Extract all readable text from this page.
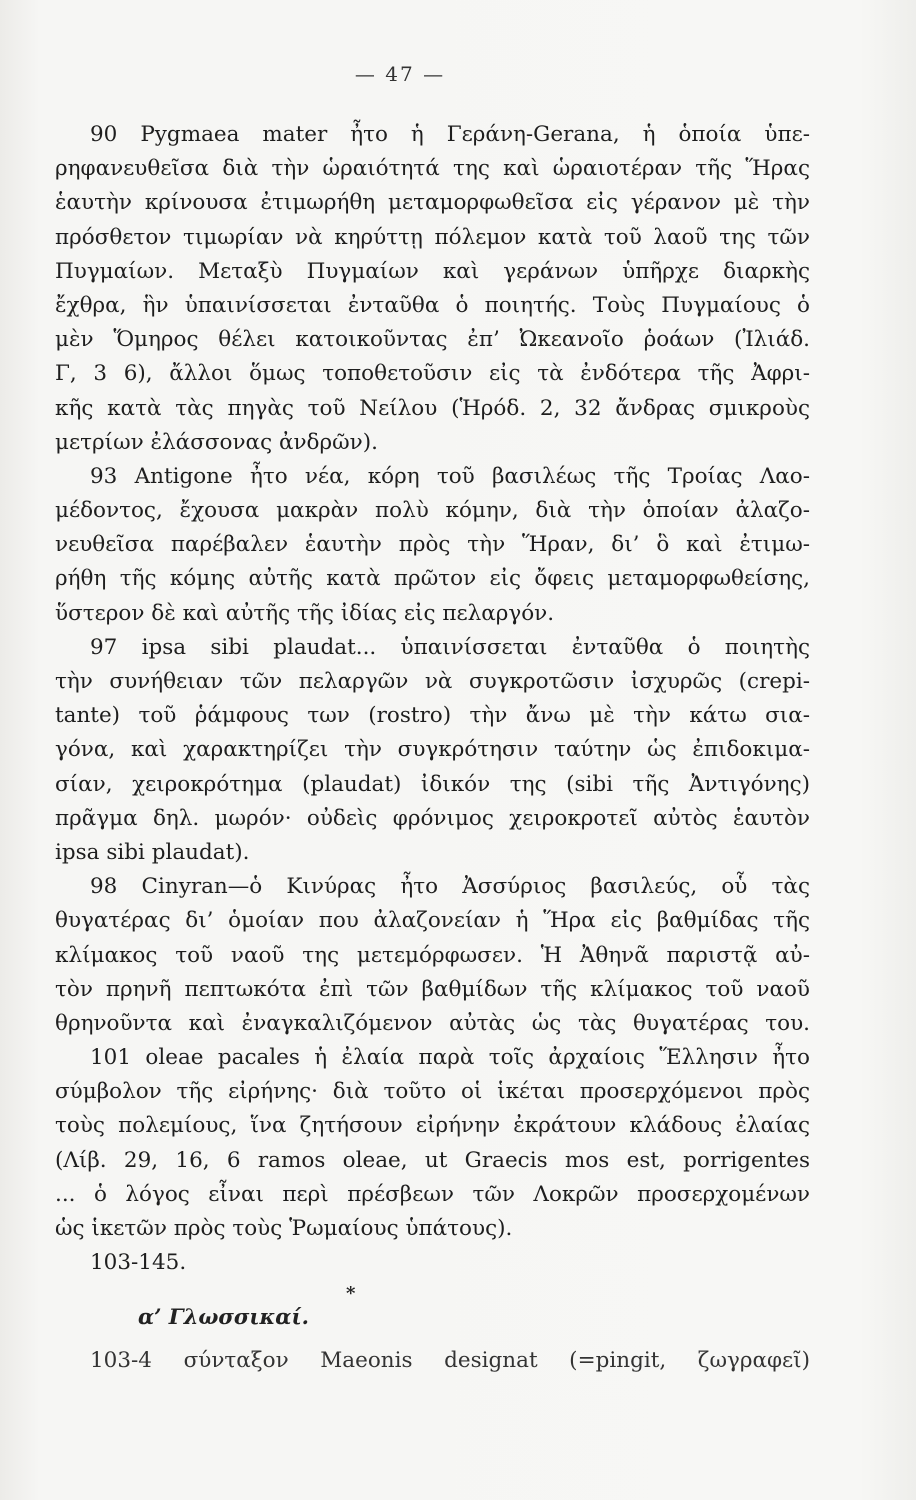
— 47 —
90 Pygmaea mater ἦτο ἡ Γεράνη-Gerana, ἡ ὁποία ὑπε-
ρηφανευθεῖσα διὰ τὴν ὡραιότητά της καὶ ὡραιοτέραν τῆς Ἥρας
ἑαυτὴν κρίνουσα ἐτιμωρήθη μεταμορφωθεῖσα εἰς γέρανον μὲ τὴν
πρόσθετον τιμωρίαν νὰ κηρύττῃ πόλεμον κατὰ τοῦ λαοῦ της τῶν
Πυγμαίων. Μεταξὺ Πυγμαίων καὶ γεράνων ὑπῆρχε διαρκὴς
ἔχθρα, ἣν ὑπαινίσσεται ἐνταῦθα ὁ ποιητής. Τοὺς Πυγμαίους ὁ
μὲν Ὅμηρος θέλει κατοικοῦντας ἐπ’ Ὠκεανοῖο ῥοάων (Ἰλιάδ.
Γ, 3 6), ἄλλοι ὅμως τοποθετοῦσιν εἰς τὰ ἐνδότερα τῆς Ἀφρι-
κῆς κατὰ τὰς πηγὰς τοῦ Νείλου (Ἡρόδ. 2, 32 ἄνδρας σμικροὺς
μετρίων ἐλάσσονας ἀνδρῶν).
93 Antigone ἦτο νέα, κόρη τοῦ βασιλέως τῆς Τροίας Λαο-
μέδοντος, ἔχουσα μακρὰν πολὺ κόμην, διὰ τὴν ὁποίαν ἀλαζο-
νευθεῖσα παρέβαλεν ἑαυτὴν πρὸς τὴν Ἥραν, δι’ ὃ καὶ ἐτιμω-
ρήθη τῆς κόμης αὐτῆς κατὰ πρῶτον εἰς ὄφεις μεταμορφωθείσης,
ὕστερον δὲ καὶ αὐτῆς τῆς ἰδίας εἰς πελαργόν.
97 ipsa sibi plaudat... ὑπαινίσσεται ἐνταῦθα ὁ ποιητὴς
τὴν συνήθειαν τῶν πελαργῶν νὰ συγκροτῶσιν ἰσχυρῶς (crepi-
tante) τοῦ ῥάμφους των (rostro) τὴν ἄνω μὲ τὴν κάτω σια-
γόνα, καὶ χαρακτηρίζει τὴν συγκρότησιν ταύτην ὡς ἐπιδοκιμα-
σίαν, χειροκρότημα (plaudat) ἰδικόν της (sibi τῆς Ἀντιγόνης)
πρᾶγμα δηλ. μωρόν· οὐδεὶς φρόνιμος χειροκροτεῖ αὐτὸς ἑαυτὸν
ipsa sibi plaudat).
98 Cinyran—ὁ Κινύρας ἦτο Ἀσσύριος βασιλεύς, οὗ τὰς
θυγατέρας δι’ ὁμοίαν που ἀλαζονείαν ἡ Ἥρα εἰς βαθμίδας τῆς
κλίμακος τοῦ ναοῦ της μετεμόρφωσεν. Ἡ Ἀθηνᾶ παριστᾷ αὐ-
τὸν πρηνῆ πεπτωκότα ἐπὶ τῶν βαθμίδων τῆς κλίμακος τοῦ ναοῦ
θρηνοῦντα καὶ ἐναγκαλιζόμενον αὐτὰς ὡς τὰς θυγατέρας του.
101 oleae pacales ἡ ἐλαία παρὰ τοῖς ἀρχαίοις Ἕλλησιν ἦτο
σύμβολον τῆς εἰρήνης· διὰ τοῦτο οἱ ἱκέται προσερχόμενοι πρὸς
τοὺς πολεμίους, ἵνα ζητήσουν εἰρήνην ἐκράτουν κλάδους ἐλαίας
(Λίβ. 29, 16, 6 ramos oleae, ut Graecis mos est, porrigentes
... ὁ λόγος εἶναι περὶ πρέσβεων τῶν Λοκρῶν προσερχομένων
ὡς ἱκετῶν πρὸς τοὺς Ῥωμαίους ὑπάτους).
103-145.
*
α’ Γλωσσικαί.
103-4 σύνταξον Maeonis designat (=pingit, ζωγραφεῖ)
